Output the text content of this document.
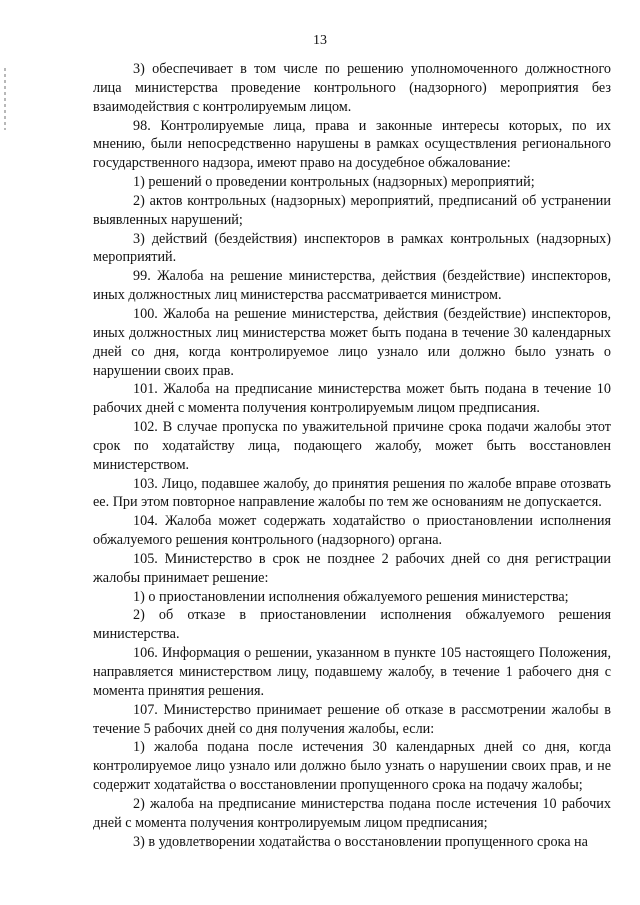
13

3) обеспечивает в том числе по решению уполномоченного должностного лица министерства проведение контрольного (надзорного) мероприятия без взаимодействия с контролируемым лицом.

98. Контролируемые лица, права и законные интересы которых, по их мнению, были непосредственно нарушены в рамках осуществления регионального государственного надзора, имеют право на досудебное обжалование:

1) решений о проведении контрольных (надзорных) мероприятий;

2) актов контрольных (надзорных) мероприятий, предписаний об устранении выявленных нарушений;

3) действий (бездействия) инспекторов в рамках контрольных (надзорных) мероприятий.

99. Жалоба на решение министерства, действия (бездействие) инспекторов, иных должностных лиц министерства рассматривается министром.

100. Жалоба на решение министерства, действия (бездействие) инспекторов, иных должностных лиц министерства может быть подана в течение 30 календарных дней со дня, когда контролируемое лицо узнало или должно было узнать о нарушении своих прав.

101. Жалоба на предписание министерства может быть подана в течение 10 рабочих дней с момента получения контролируемым лицом предписания.

102. В случае пропуска по уважительной причине срока подачи жалобы этот срок по ходатайству лица, подающего жалобу, может быть восстановлен министерством.

103. Лицо, подавшее жалобу, до принятия решения по жалобе вправе отозвать ее. При этом повторное направление жалобы по тем же основаниям не допускается.

104. Жалоба может содержать ходатайство о приостановлении исполнения обжалуемого решения контрольного (надзорного) органа.

105. Министерство в срок не позднее 2 рабочих дней со дня регистрации жалобы принимает решение:

1) о приостановлении исполнения обжалуемого решения министерства;

2) об отказе в приостановлении исполнения обжалуемого решения министерства.

106. Информация о решении, указанном в пункте 105 настоящего Положения, направляется министерством лицу, подавшему жалобу, в течение 1 рабочего дня с момента принятия решения.

107. Министерство принимает решение об отказе в рассмотрении жалобы в течение 5 рабочих дней со дня получения жалобы, если:

1) жалоба подана после истечения 30 календарных дней со дня, когда контролируемое лицо узнало или должно было узнать о нарушении своих прав, и не содержит ходатайства о восстановлении пропущенного срока на подачу жалобы;

2) жалоба на предписание министерства подана после истечения 10 рабочих дней с момента получения контролируемым лицом предписания;

3) в удовлетворении ходатайства о восстановлении пропущенного срока на
